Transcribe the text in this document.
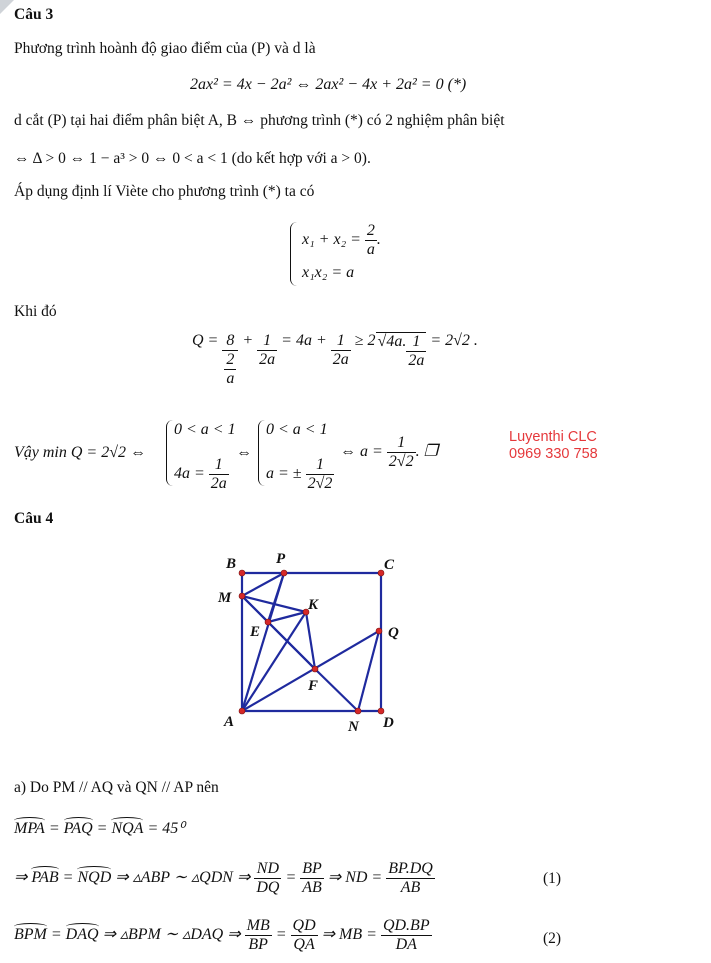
Câu 3
Phương trình hoành độ giao điểm của (P) và d là
2ax² = 4x − 2a² ⇔ 2ax² − 4x + 2a² = 0 (*)
d cắt (P) tại hai điểm phân biệt A, B ⇔ phương trình (*) có 2 nghiệm phân biệt
⇔ Δ > 0 ⇔ 1 − a³ > 0 ⇔ 0 < a < 1 (do kết hợp với a > 0).
Áp dụng định lí Viète cho phương trình (*) ta có
$x_1 + x_2 = \frac{2}{a}$ .
x₁x₂ = a
Khi đó
Q = 8
2
$a + \frac{1}{2a} = 4a + \frac{1}{2a} \ge 2$ √4a. $\frac{1}{2a} = 2√2$ .
Vậy min Q = 2√2 ⇔
0 < a < 1
$4a = \frac{1}{2a}$
⇔
0 < a < 1
a = ± $\frac{1}{2√2}$
⇔ $a = \frac{1}{2√2}$ . ❐
Luyenthi CLC
0969 330 758
Câu 4
B	P	C
M	K
E	Q
F
A	N D
a) Do PM // AQ và QN // AP nên
MPA = PAQ = NQA = 45⁰
⇒ PAB = NQD ⇒ ▵ABP ∼ ▵QDN ⇒ $\frac{ND}{DQ} = \frac{BP}{AB}$ ⇒ ND = $\frac{BP.DQ}{AB}$	(1)
BPM = DAQ ⇒ ▵BPM ∼ ▵DAQ ⇒ $\frac{MB}{BP} = \frac{QD}{QA}$ ⇒ MB = $\frac{QD.BP}{DA}$	(2)
